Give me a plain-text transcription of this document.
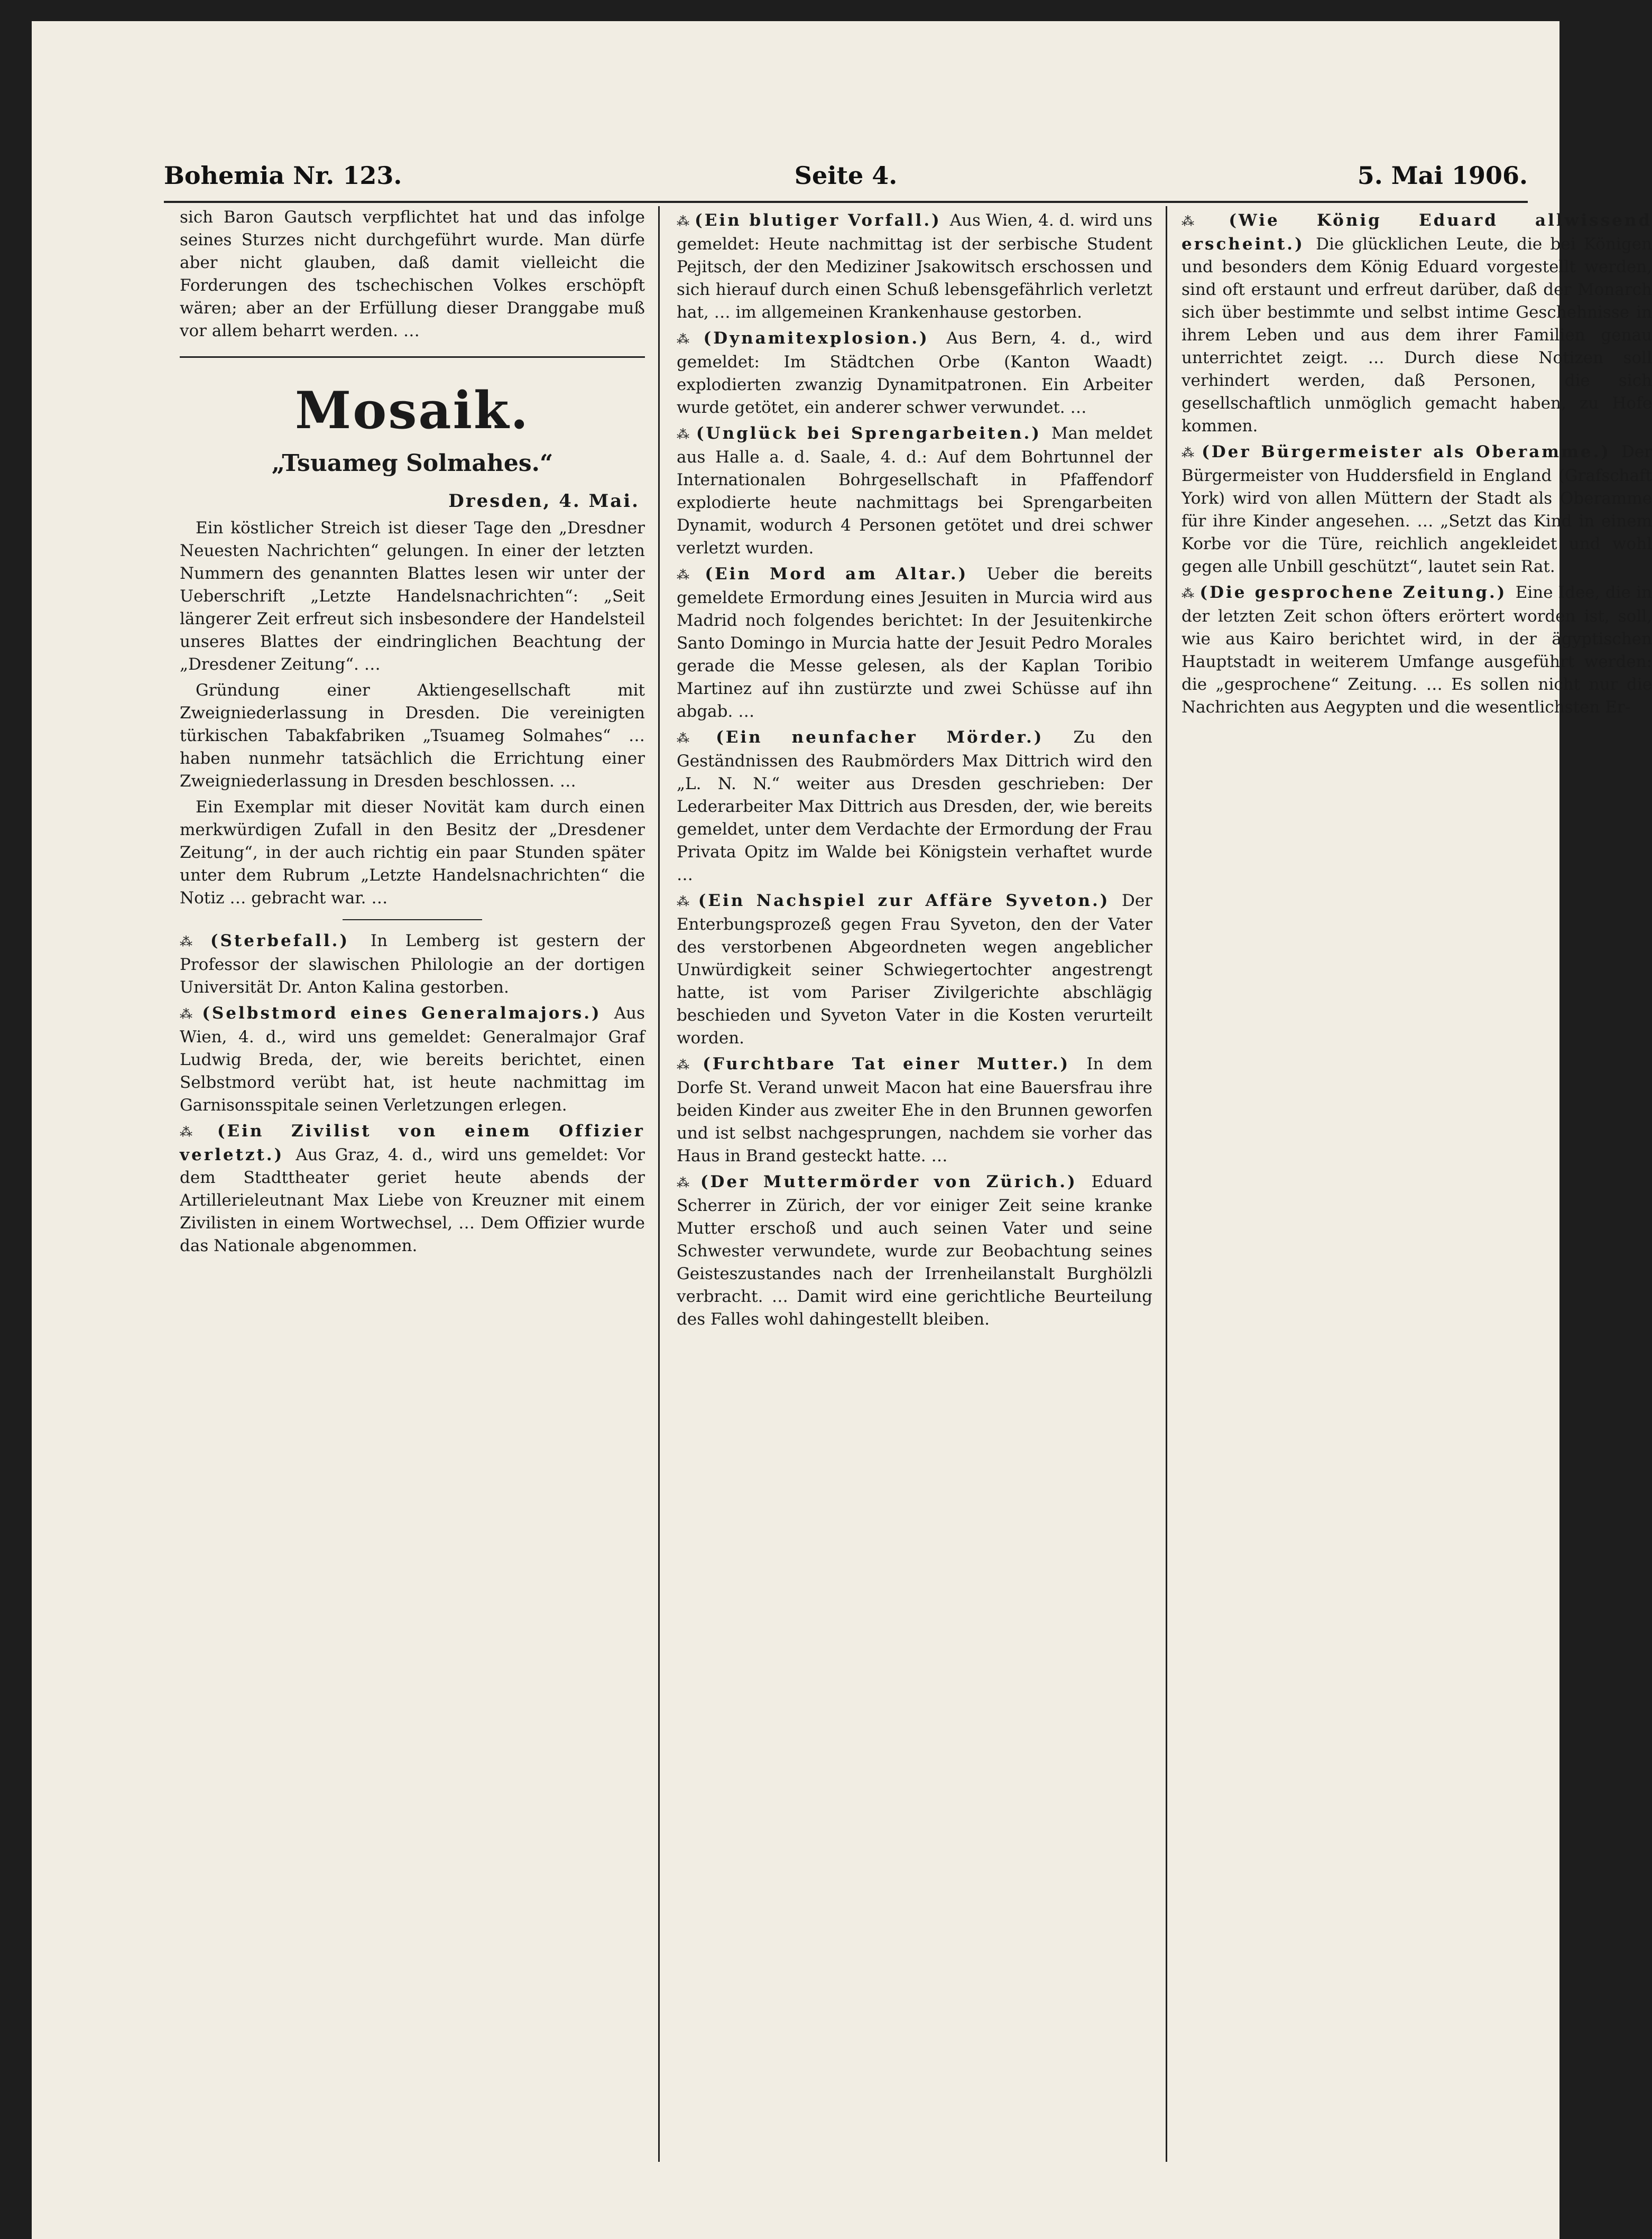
Bohemia Nr. 123.	Seite 4.	5. Mai 1906.

sich Baron Gautsch verpflichtet hat und das infolge seines Sturzes nicht durchgeführt wurde. Man dürfe aber nicht glauben, daß damit vielleicht die Forderungen des tschechischen Volkes erschöpft wären; aber an der Erfüllung dieser Dranggabe muß vor allem beharrt werden. …

Mosaik.
„Tsuameg Solmahes.“
Dresden, 4. Mai.

Ein köstlicher Streich ist dieser Tage den „Dresdner Neuesten Nachrichten“ gelungen. In einer der letzten Nummern des genannten Blattes lesen wir unter der Ueberschrift „Letzte Handelsnachrichten“: „Seit längerer Zeit erfreut sich insbesondere der Handelsteil unseres Blattes der eindringlichen Beachtung der „Dresdener Zeitung“. …

Gründung einer Aktiengesellschaft mit Zweigniederlassung in Dresden. Die vereinigten türkischen Tabakfabriken „Tsuameg Solmahes“ … haben nunmehr tatsächlich die Errichtung einer Zweigniederlassung in Dresden beschlossen. …

Ein Exemplar mit dieser Novität kam durch einen merkwürdigen Zufall in den Besitz der „Dresdener Zeitung“, in der auch richtig ein paar Stunden später unter dem Rubrum „Letzte Handelsnachrichten“ die Notiz … gebracht war. …

⁂ (Sterbefall.) In Lemberg ist gestern der Professor der slawischen Philologie an der dortigen Universität Dr. Anton Kalina gestorben.
⁂ (Selbstmord eines Generalmajors.) Aus Wien, 4. d., wird uns gemeldet: Generalmajor Graf Ludwig Breda, der, wie bereits berichtet, einen Selbstmord verübt hat, ist heute nachmittag im Garnisonsspitale seinen Verletzungen erlegen.
⁂ (Ein Zivilist von einem Offizier verletzt.) Aus Graz, 4. d., wird uns gemeldet: Vor dem Stadttheater geriet heute abends der Artillerieleutnant Max Liebe von Kreuzner mit einem Zivilisten in einem Wortwechsel, … Dem Offizier wurde das Nationale abgenommen.
⁂ (Ein blutiger Vorfall.) Aus Wien, 4. d. wird uns gemeldet: Heute nachmittag ist der serbische Student Pejitsch, der den Mediziner Jsakowitsch erschossen und sich hierauf durch einen Schuß lebensgefährlich verletzt hat, … im allgemeinen Krankenhause gestorben.
⁂ (Dynamitexplosion.) Aus Bern, 4. d., wird gemeldet: Im Städtchen Orbe (Kanton Waadt) explodierten zwanzig Dynamitpatronen. Ein Arbeiter wurde getötet, ein anderer schwer verwundet. …
⁂ (Unglück bei Sprengarbeiten.) Man meldet aus Halle a. d. Saale, 4. d.: Auf dem Bohrtunnel der Internationalen Bohrgesellschaft in Pfaffendorf explodierte heute nachmittags bei Sprengarbeiten Dynamit, wodurch 4 Personen getötet und drei schwer verletzt wurden.
⁂ (Ein Mord am Altar.) Ueber die bereits gemeldete Ermordung eines Jesuiten in Murcia wird aus Madrid noch folgendes berichtet: In der Jesuitenkirche Santo Domingo in Murcia hatte der Jesuit Pedro Morales gerade die Messe gelesen, als der Kaplan Toribio Martinez auf ihn zustürzte und zwei Schüsse auf ihn abgab. …
⁂ (Ein neunfacher Mörder.) Zu den Geständnissen des Raubmörders Max Dittrich wird den „L. N. N.“ weiter aus Dresden geschrieben: Der Lederarbeiter Max Dittrich aus Dresden, der, wie bereits gemeldet, unter dem Verdachte der Ermordung der Frau Privata Opitz im Walde bei Königstein verhaftet wurde …
⁂ (Ein Nachspiel zur Affäre Syveton.) Der Enterbungsprozeß gegen Frau Syveton, den der Vater des verstorbenen Abgeordneten wegen angeblicher Unwürdigkeit seiner Schwiegertochter angestrengt hatte, ist vom Pariser Zivilgerichte abschlägig beschieden und Syveton Vater in die Kosten verurteilt worden.
⁂ (Furchtbare Tat einer Mutter.) In dem Dorfe St. Verand unweit Macon hat eine Bauersfrau ihre beiden Kinder aus zweiter Ehe in den Brunnen geworfen und ist selbst nachgesprungen, nachdem sie vorher das Haus in Brand gesteckt hatte. …
⁂ (Der Muttermörder von Zürich.) Eduard Scherrer in Zürich, der vor einiger Zeit seine kranke Mutter erschoß und auch seinen Vater und seine Schwester verwundete, wurde zur Beobachtung seines Geisteszustandes nach der Irrenheilanstalt Burghölzli verbracht. … Damit wird eine gerichtliche Beurteilung des Falles wohl dahingestellt bleiben.
⁂ (Wie König Eduard allwissend erscheint.) Die glücklichen Leute, die bei Königen und besonders dem König Eduard vorgestellt werden, sind oft erstaunt und erfreut darüber, daß der Monarch sich über bestimmte und selbst intime Geschehnisse in ihrem Leben und aus dem ihrer Familien genau unterrichtet zeigt. … Durch diese Notizen soll verhindert werden, daß Personen, die sich gesellschaftlich unmöglich gemacht haben, zu Hofe kommen.
⁂ (Der Bürgermeister als Oberamme.) Der Bürgermeister von Huddersfield in England (Grafschaft York) wird von allen Müttern der Stadt als Oberamme für ihre Kinder angesehen. … „Setzt das Kind in einem Korbe vor die Türe, reichlich angekleidet und wohl gegen alle Unbill geschützt“, lautet sein Rat.
⁂ (Die gesprochene Zeitung.) Eine Idee, die in der letzten Zeit schon öfters erörtert worden ist, soll, wie aus Kairo berichtet wird, in der ägyptischen Hauptstadt in weiterem Umfange ausgeführt werden: die „gesprochene“ Zeitung. … Es sollen nicht nur die Nachrichten aus Aegypten und die wesentlichsten Er-
